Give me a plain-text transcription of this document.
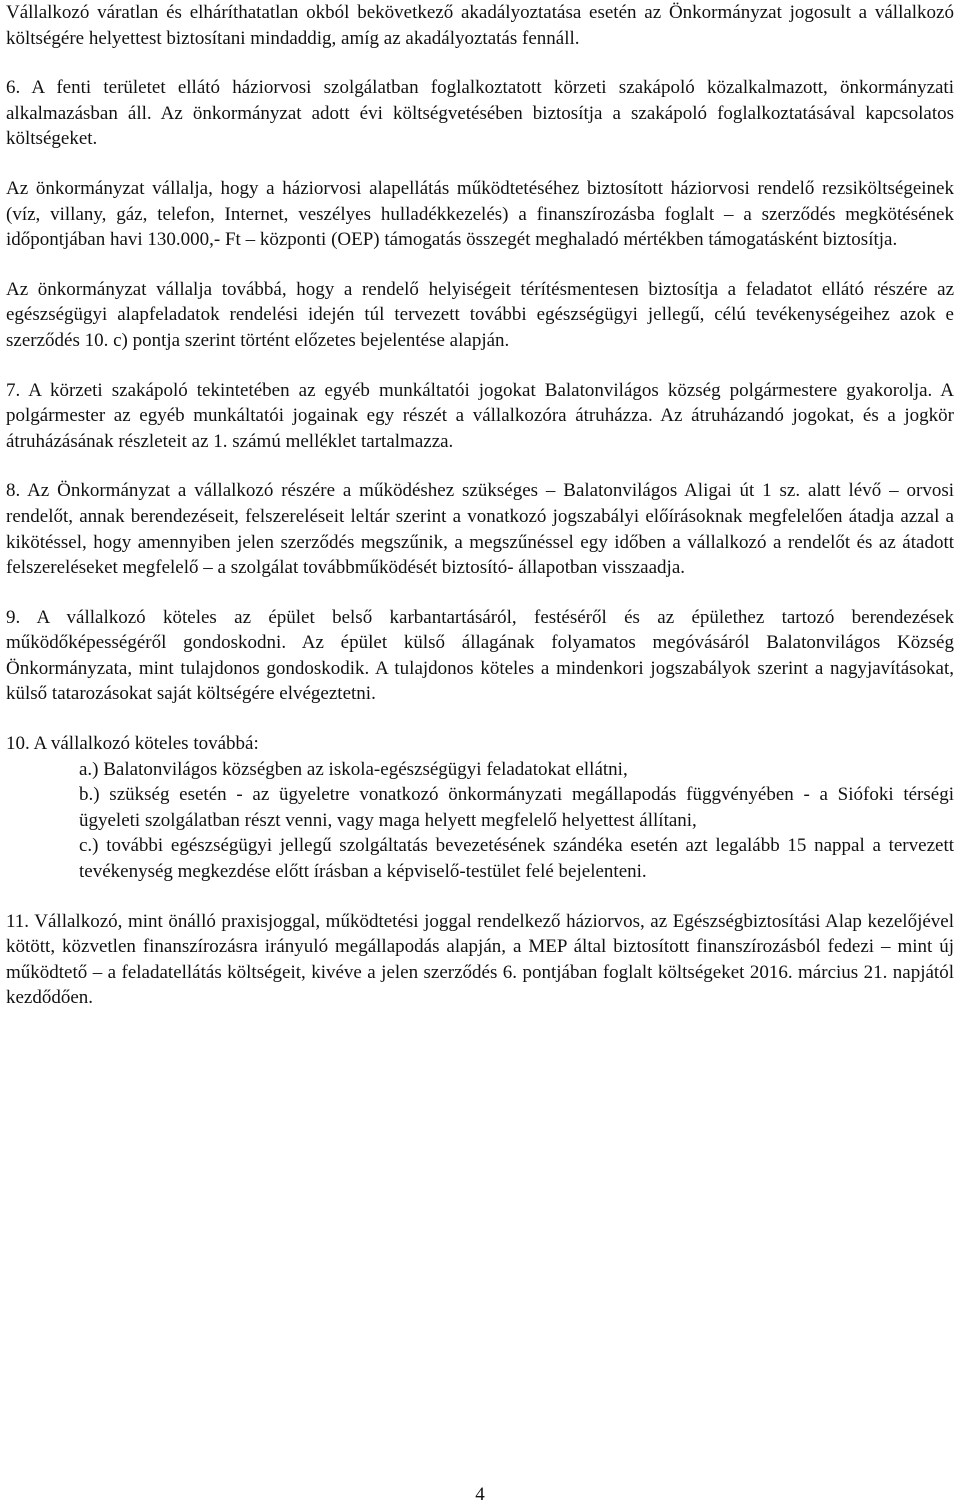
Vállalkozó váratlan és elháríthatatlan okból bekövetkező akadályoztatása esetén az Önkormányzat jogosult a vállalkozó költségére helyettest biztosítani mindaddig, amíg az akadályoztatás fennáll.

6. A fenti területet ellátó háziorvosi szolgálatban foglalkoztatott körzeti szakápoló közalkalmazott, önkormányzati alkalmazásban áll. Az önkormányzat adott évi költségvetésében biztosítja a szakápoló foglalkoztatásával kapcsolatos költségeket.

Az önkormányzat vállalja, hogy a háziorvosi alapellátás működtetéséhez biztosított háziorvosi rendelő rezsiköltségeinek (víz, villany, gáz, telefon, Internet, veszélyes hulladékkezelés) a finanszírozásba foglalt – a szerződés megkötésének időpontjában havi 130.000,- Ft – központi (OEP) támogatás összegét meghaladó mértékben támogatásként biztosítja.

Az önkormányzat vállalja továbbá, hogy a rendelő helyiségeit térítésmentesen biztosítja a feladatot ellátó részére az egészségügyi alapfeladatok rendelési idején túl tervezett további egészségügyi jellegű, célú tevékenységeihez azok e szerződés 10. c) pontja szerint történt előzetes bejelentése alapján.

7. A körzeti szakápoló tekintetében az egyéb munkáltatói jogokat Balatonvilágos község polgármestere gyakorolja. A polgármester az egyéb munkáltatói jogainak egy részét a vállalkozóra átruházza. Az átruházandó jogokat, és a jogkör átruházásának részleteit az 1. számú melléklet tartalmazza.

8. Az Önkormányzat a vállalkozó részére a működéshez szükséges – Balatonvilágos Aligai út 1 sz. alatt lévő – orvosi rendelőt, annak berendezéseit, felszereléseit leltár szerint a vonatkozó jogszabályi előírásoknak megfelelően átadja azzal a kikötéssel, hogy amennyiben jelen szerződés megszűnik, a megszűnéssel egy időben a vállalkozó a rendelőt és az átadott felszereléseket megfelelő – a szolgálat továbbműködését biztosító- állapotban visszaadja.

9. A vállalkozó köteles az épület belső karbantartásáról, festéséről és az épülethez tartozó berendezések működőképességéről gondoskodni. Az épület külső állagának folyamatos megóvásáról Balatonvilágos Község Önkormányzata, mint tulajdonos gondoskodik. A tulajdonos köteles a mindenkori jogszabályok szerint a nagyjavításokat, külső tatarozásokat saját költségére elvégeztetni.

10. A vállalkozó köteles továbbá:

a.) Balatonvilágos községben az iskola-egészségügyi feladatokat ellátni,

b.) szükség esetén - az ügyeletre vonatkozó önkormányzati megállapodás függvényében - a Siófoki térségi ügyeleti szolgálatban részt venni, vagy maga helyett megfelelő helyettest állítani,

c.) további egészségügyi jellegű szolgáltatás bevezetésének szándéka esetén azt legalább 15 nappal a tervezett tevékenység megkezdése előtt írásban a képviselő-testület felé bejelenteni.

11. Vállalkozó, mint önálló praxisjoggal, működtetési joggal rendelkező háziorvos, az Egészségbiztosítási Alap kezelőjével kötött, közvetlen finanszírozásra irányuló megállapodás alapján, a MEP által biztosított finanszírozásból fedezi – mint új működtető – a feladatellátás költségeit, kivéve a jelen szerződés 6. pontjában foglalt költségeket 2016. március 21. napjától kezdődően.

4
